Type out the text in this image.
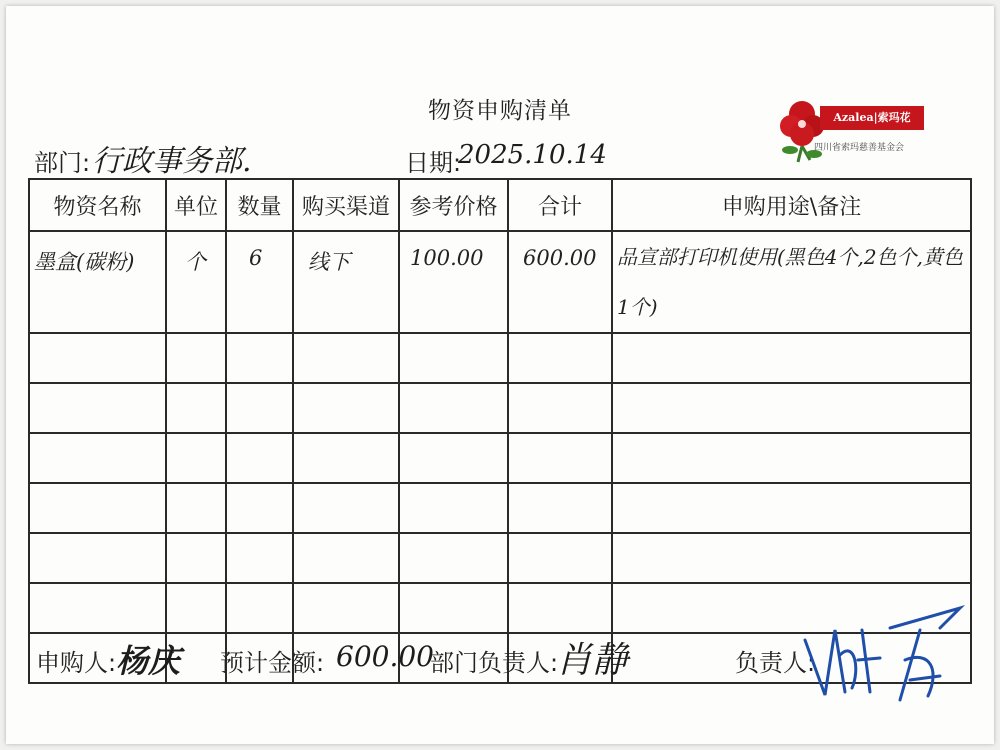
物资申购清单	Azalea|索玛花
四川省索玛慈善基金会
部门: 行政事务部.	日期:
2025.10.14
物资名称	单位	数量	购买渠道	参考价格	合计	申购用途\备注

墨盒(碳粉)	个	6	线下	100.00	600.00	品宣部打印机使用(黑色4个,2色个,黄色1个)

申购人: 杨庆 预计金额: 600.00
部门负责人:
肖静	负责人:
